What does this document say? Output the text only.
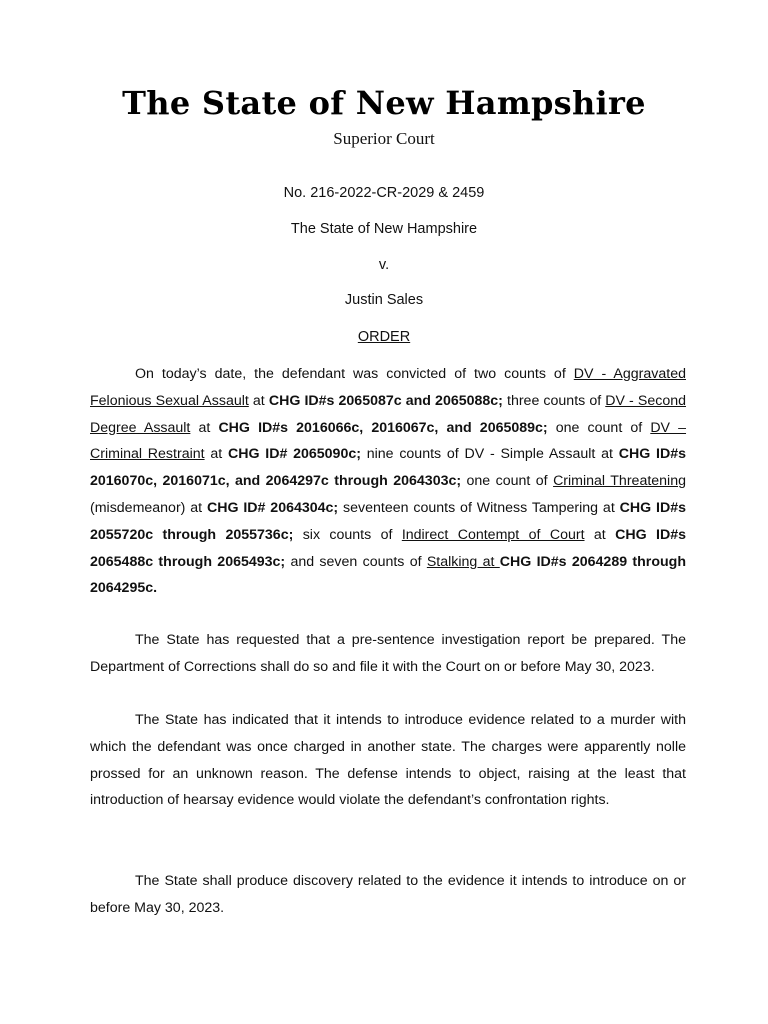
The State of New Hampshire
Superior Court
No. 216-2022-CR-2029 & 2459
The State of New Hampshire
v.
Justin Sales
ORDER

On today’s date, the defendant was convicted of two counts of DV - Aggravated Felonious Sexual Assault at CHG ID#s 2065087c and 2065088c; three counts of DV - Second Degree Assault at CHG ID#s 2016066c, 2016067c, and 2065089c; one count of DV – Criminal Restraint at CHG ID# 2065090c; nine counts of DV - Simple Assault at CHG ID#s 2016070c, 2016071c, and 2064297c through 2064303c; one count of Criminal Threatening (misdemeanor) at CHG ID# 2064304c; seventeen counts of Witness Tampering at CHG ID#s 2055720c through 2055736c; six counts of Indirect Contempt of Court at CHG ID#s 2065488c through 2065493c; and seven counts of Stalking at CHG ID#s 2064289 through 2064295c.

The State has requested that a pre-sentence investigation report be prepared. The Department of Corrections shall do so and file it with the Court on or before May 30, 2023.

The State has indicated that it intends to introduce evidence related to a murder with which the defendant was once charged in another state. The charges were apparently nolle prossed for an unknown reason. The defense intends to object, raising at the least that introduction of hearsay evidence would violate the defendant’s confrontation rights.

The State shall produce discovery related to the evidence it intends to introduce on or before May 30, 2023.
